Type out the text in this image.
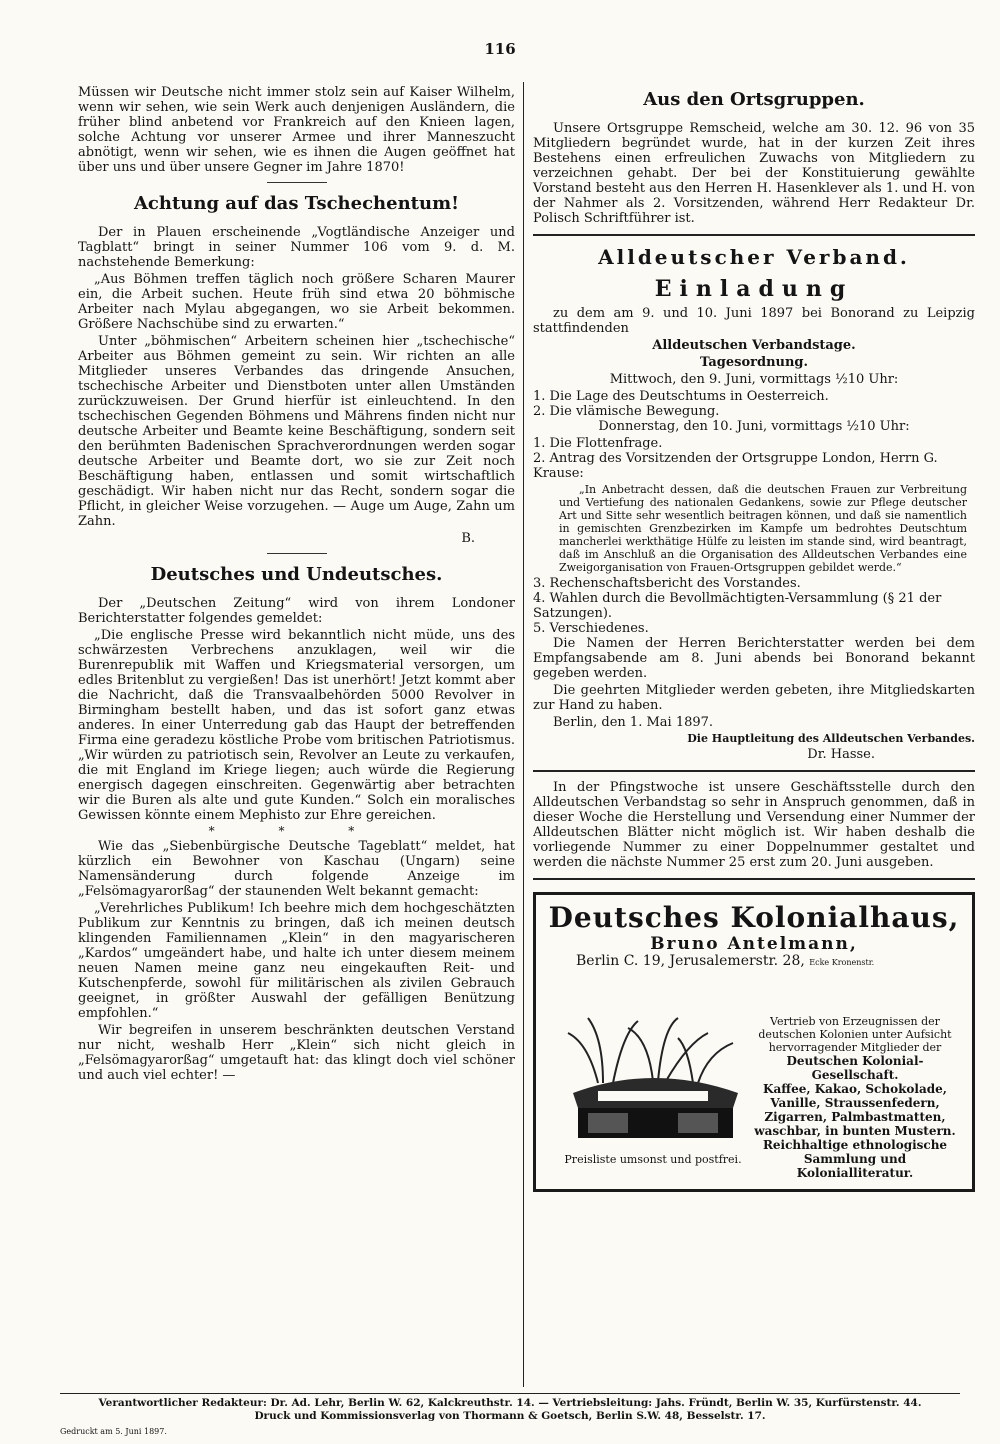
116

Müssen wir Deutsche nicht immer stolz sein auf Kaiser Wilhelm, wenn wir sehen, wie sein Werk auch denjenigen Ausländern, die früher blind anbetend vor Frankreich auf den Knieen lagen, solche Achtung vor unserer Armee und ihrer Manneszucht abnötigt, wenn wir sehen, wie es ihnen die Augen geöffnet hat über uns und über unsere Gegner im Jahre 1870!

Achtung auf das Tschechentum!

Der in Plauen erscheinende „Vogtländische Anzeiger und Tagblatt“ bringt in seiner Nummer 106 vom 9. d. M. nachstehende Bemerkung:

„Aus Böhmen treffen täglich noch größere Scharen Maurer ein, die Arbeit suchen. Heute früh sind etwa 20 böhmische Arbeiter nach Mylau abgegangen, wo sie Arbeit bekommen. Größere Nachschübe sind zu erwarten.“

Unter „böhmischen“ Arbeitern scheinen hier „tschechische“ Arbeiter aus Böhmen gemeint zu sein. Wir richten an alle Mitglieder unseres Verbandes das dringende Ansuchen, tschechische Arbeiter und Dienstboten unter allen Umständen zurückzuweisen. Der Grund hierfür ist einleuchtend. In den tschechischen Gegenden Böhmens und Mährens finden nicht nur deutsche Arbeiter und Beamte keine Beschäftigung, sondern seit den berühmten Badenischen Sprachverordnungen werden sogar deutsche Arbeiter und Beamte dort, wo sie zur Zeit noch Beschäftigung haben, entlassen und somit wirtschaftlich geschädigt. Wir haben nicht nur das Recht, sondern sogar die Pflicht, in gleicher Weise vorzugehen. — Auge um Auge, Zahn um Zahn.

B.

Deutsches und Undeutsches.

Der „Deutschen Zeitung“ wird von ihrem Londoner Berichterstatter folgendes gemeldet:

„Die englische Presse wird bekanntlich nicht müde, uns des schwärzesten Verbrechens anzuklagen, weil wir die Burenrepublik mit Waffen und Kriegsmaterial versorgen, um edles Britenblut zu vergießen! Das ist unerhört! Jetzt kommt aber die Nachricht, daß die Transvaalbehörden 5000 Revolver in Birmingham bestellt haben, und das ist sofort ganz etwas anderes. In einer Unterredung gab das Haupt der betreffenden Firma eine geradezu köstliche Probe vom britischen Patriotismus. „Wir würden zu patriotisch sein, Revolver an Leute zu verkaufen, die mit England im Kriege liegen; auch würde die Regierung energisch dagegen einschreiten. Gegenwärtig aber betrachten wir die Buren als alte und gute Kunden.“ Solch ein moralisches Gewissen könnte einem Mephisto zur Ehre gereichen.

* * *

Wie das „Siebenbürgische Deutsche Tageblatt“ meldet, hat kürzlich ein Bewohner von Kaschau (Ungarn) seine Namensänderung durch folgende Anzeige im „Felsömagyarorßag“ der staunenden Welt bekannt gemacht:

„Verehrliches Publikum! Ich beehre mich dem hochgeschätzten Publikum zur Kenntnis zu bringen, daß ich meinen deutsch klingenden Familiennamen „Klein“ in den magyarischeren „Kardos“ umgeändert habe, und halte ich unter diesem meinem neuen Namen meine ganz neu eingekauften Reit- und Kutschenpferde, sowohl für militärischen als zivilen Gebrauch geeignet, in größter Auswahl der gefälligen Benützung empfohlen.“

Wir begreifen in unserem beschränkten deutschen Verstand nur nicht, weshalb Herr „Klein“ sich nicht gleich in „Felsömagyarorßag“ umgetauft hat: das klingt doch viel schöner und auch viel echter! —

Aus den Ortsgruppen.

Unsere Ortsgruppe Remscheid, welche am 30. 12. 96 von 35 Mitgliedern begründet wurde, hat in der kurzen Zeit ihres Bestehens einen erfreulichen Zuwachs von Mitgliedern zu verzeichnen gehabt. Der bei der Konstituierung gewählte Vorstand besteht aus den Herren H. Hasenklever als 1. und H. von der Nahmer als 2. Vorsitzenden, während Herr Redakteur Dr. Polisch Schriftführer ist.

Alldeutscher Verband.
Einladung

zu dem am 9. und 10. Juni 1897 bei Bonorand zu Leipzig stattfindenden

Alldeutschen Verbandstage.

Tagesordnung.

Mittwoch, den 9. Juni, vormittags ½10 Uhr:

1. Die Lage des Deutschtums in Oesterreich.
2. Die vlämische Bewegung.

Donnerstag, den 10. Juni, vormittags ½10 Uhr:

1. Die Flottenfrage.
2. Antrag des Vorsitzenden der Ortsgruppe London, Herrn G. Krause:

„In Anbetracht dessen, daß die deutschen Frauen zur Verbreitung und Vertiefung des nationalen Gedankens, sowie zur Pflege deutscher Art und Sitte sehr wesentlich beitragen können, und daß sie namentlich in gemischten Grenzbezirken im Kampfe um bedrohtes Deutschtum mancherlei werkthätige Hülfe zu leisten im stande sind, wird beantragt, daß im Anschluß an die Organisation des Alldeutschen Verbandes eine Zweigorganisation von Frauen-Ortsgruppen gebildet werde.“

3. Rechenschaftsbericht des Vorstandes.
4. Wahlen durch die Bevollmächtigten-Versammlung (§ 21 der Satzungen).
5. Verschiedenes.

Die Namen der Herren Berichterstatter werden bei dem Empfangsabende am 8. Juni abends bei Bonorand bekannt gegeben werden.

Die geehrten Mitglieder werden gebeten, ihre Mitgliedskarten zur Hand zu haben.

Berlin, den 1. Mai 1897.

Die Hauptleitung des Alldeutschen Verbandes.

Dr. Hasse.

In der Pfingstwoche ist unsere Geschäftsstelle durch den Alldeutschen Verbandstag so sehr in Anspruch genommen, daß in dieser Woche die Herstellung und Versendung einer Nummer der Alldeutschen Blätter nicht möglich ist. Wir haben deshalb die vorliegende Nummer zu einer Doppelnummer gestaltet und werden die nächste Nummer 25 erst zum 20. Juni ausgeben.

Deutsches Kolonialhaus,
Bruno Antelmann,
Berlin C. 19, Jerusalemerstr. 28, Ecke Kronenstr.
Vertrieb von Erzeugnissen der deutschen Kolonien unter Aufsicht hervorragender Mitglieder der
Deutschen Kolonial-Gesellschaft.
Kaffee, Kakao, Schokolade, Vanille, Straussenfedern, Zigarren, Palmbastmatten, waschbar, in bunten Mustern. Reichhaltige ethnologische Sammlung und Kolonialliteratur.
Preisliste umsonst und postfrei.
Verantwortlicher Redakteur: Dr. Ad. Lehr, Berlin W. 62, Kalckreuthstr. 14. — Vertriebsleitung: Jahs. Fründt, Berlin W. 35, Kurfürstenstr. 44.
Druck und Kommissionsverlag von Thormann & Goetsch, Berlin S.W. 48, Besselstr. 17.
Gedruckt am 5. Juni 1897.
